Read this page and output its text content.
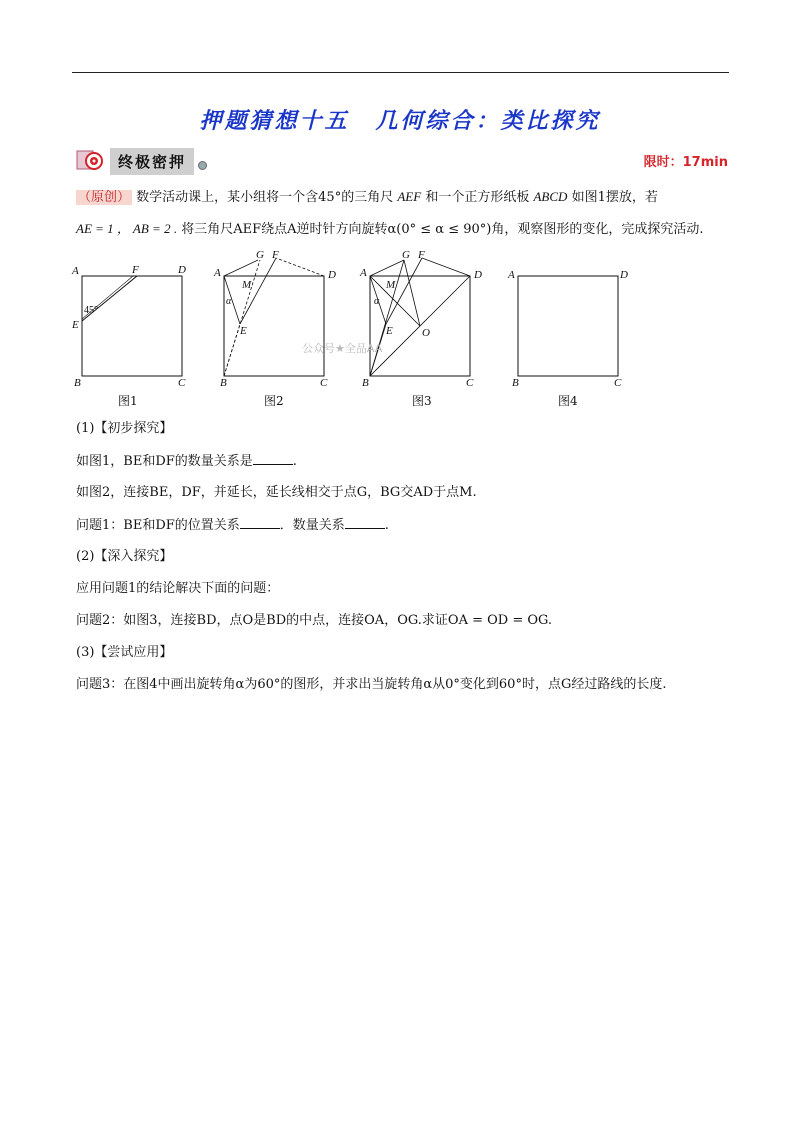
押题猜想十五 几何综合：类比探究
终极密押	限时：17min
（原创） 数学活动课上，某小组将一个含45°的三角尺 AEF 和一个正方形纸板 ABCD 如图1摆放，若
AE = 1 ， AB = 2 . 将三角尺AEF绕点A逆时针方向旋转α(0° ≤ α ≤ 90°)角，观察图形的变化，完成探究活动.
A	F	D
E
45°
B	C
G F
A
M
α
E
D
B	C
G F
A
M
α
E	O
D
B	C
A	D
B	C
公众号★全品AA
图1	图2	图3	图4
(1)【初步探究】
如图1，BE和DF的数量关系是	.
如图2，连接BE，DF，并延长，延长线相交于点G，BG交AD于点M.
问题1：BE和DF的位置关系	．数量关系	.
(2)【深入探究】
应用问题1的结论解决下面的问题：
问题2：如图3，连接BD，点O是BD的中点，连接OA，OG.求证OA = OD = OG.
(3)【尝试应用】
问题3：在图4中画出旋转角α为60°的图形，并求出当旋转角α从0°变化到60°时，点G经过路线的长度.
